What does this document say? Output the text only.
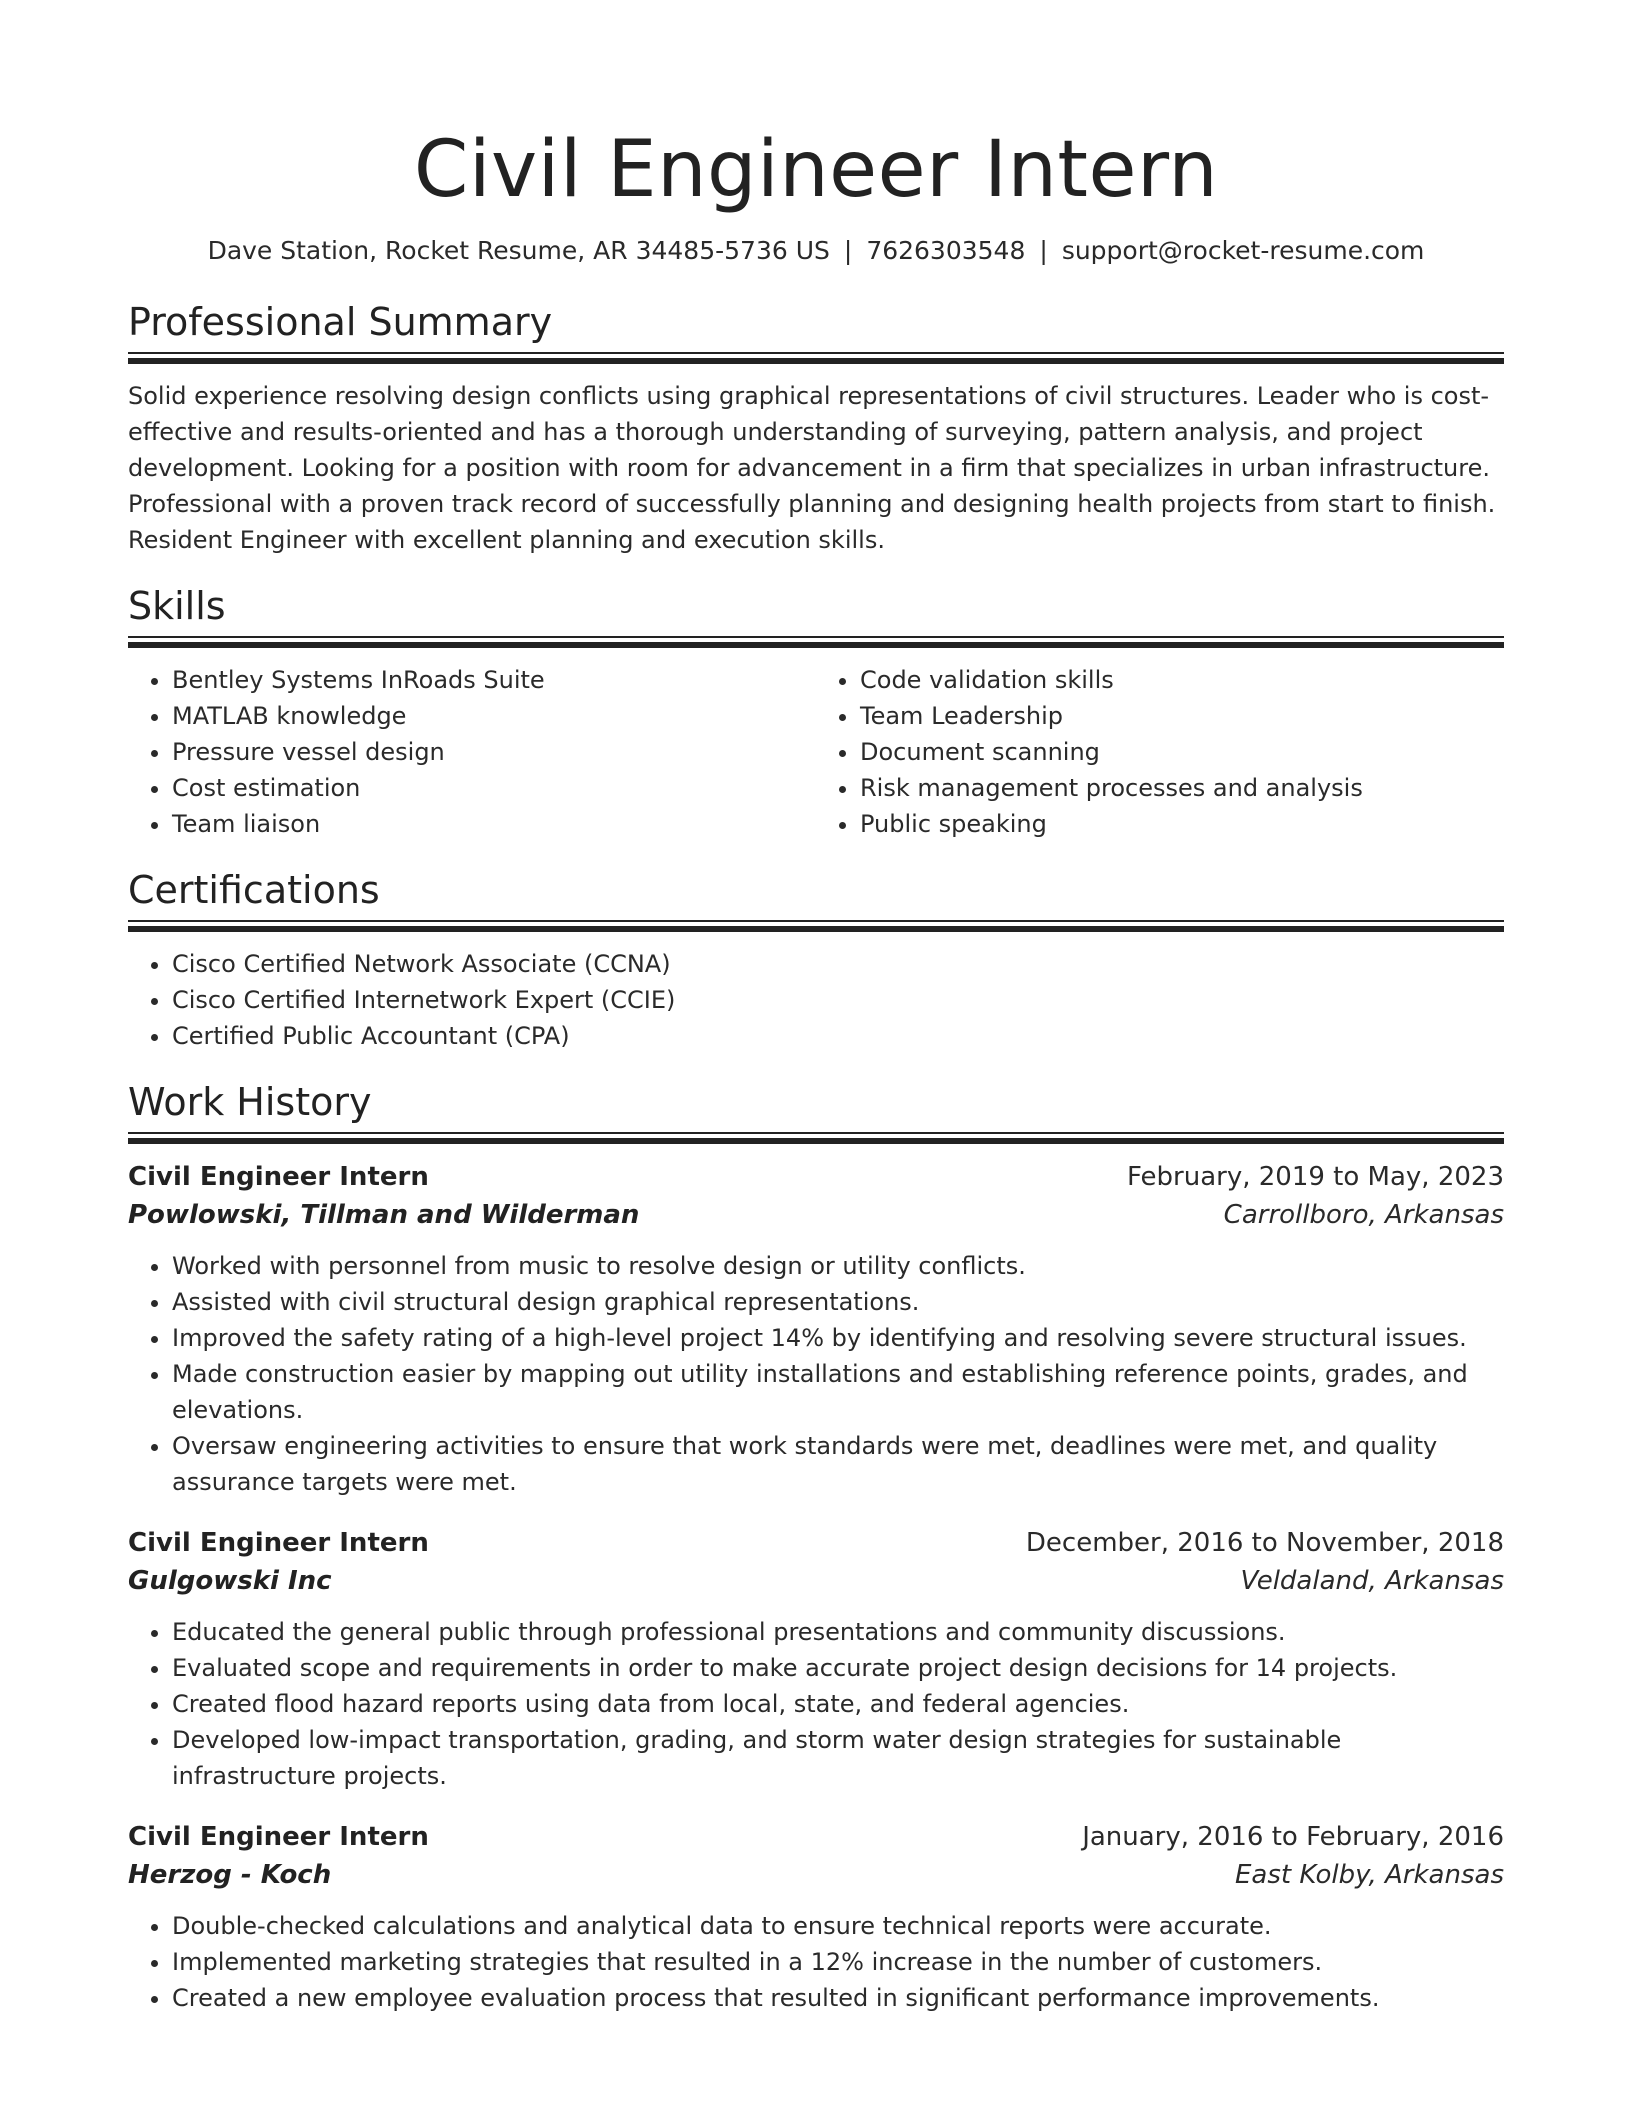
Civil Engineer Intern
Dave Station, Rocket Resume, AR 34485-5736 US | 7626303548 | support@rocket-resume.com
Professional Summary

Solid experience resolving design conflicts using graphical representations of civil structures. Leader who is cost-effective and results-oriented and has a thorough understanding of surveying, pattern analysis, and project development. Looking for a position with room for advancement in a firm that specializes in urban infrastructure. Professional with a proven track record of successfully planning and designing health projects from start to finish. Resident Engineer with excellent planning and execution skills.

Skills
• Bentley Systems InRoads Suite
• MATLAB knowledge
• Pressure vessel design
• Cost estimation
• Team liaison
• Code validation skills
• Team Leadership
• Document scanning
• Risk management processes and analysis
• Public speaking
Certifications
• Cisco Certified Network Associate (CCNA)
• Cisco Certified Internetwork Expert (CCIE)
• Certified Public Accountant (CPA)
Work History
Civil Engineer Intern	February, 2019 to May, 2023
Powlowski, Tillman and Wilderman	Carrollboro, Arkansas
• Worked with personnel from music to resolve design or utility conflicts.
• Assisted with civil structural design graphical representations.
• Improved the safety rating of a high-level project 14% by identifying and resolving severe structural issues.
• Made construction easier by mapping out utility installations and establishing reference points, grades, and elevations.
• Oversaw engineering activities to ensure that work standards were met, deadlines were met, and quality assurance targets were met.
Civil Engineer Intern	December, 2016 to November, 2018
Gulgowski Inc	Veldaland, Arkansas
• Educated the general public through professional presentations and community discussions.
• Evaluated scope and requirements in order to make accurate project design decisions for 14 projects.
• Created flood hazard reports using data from local, state, and federal agencies.
• Developed low-impact transportation, grading, and storm water design strategies for sustainable infrastructure projects.
Civil Engineer Intern	January, 2016 to February, 2016
Herzog - Koch	East Kolby, Arkansas
• Double-checked calculations and analytical data to ensure technical reports were accurate.
• Implemented marketing strategies that resulted in a 12% increase in the number of customers.
• Created a new employee evaluation process that resulted in significant performance improvements.
